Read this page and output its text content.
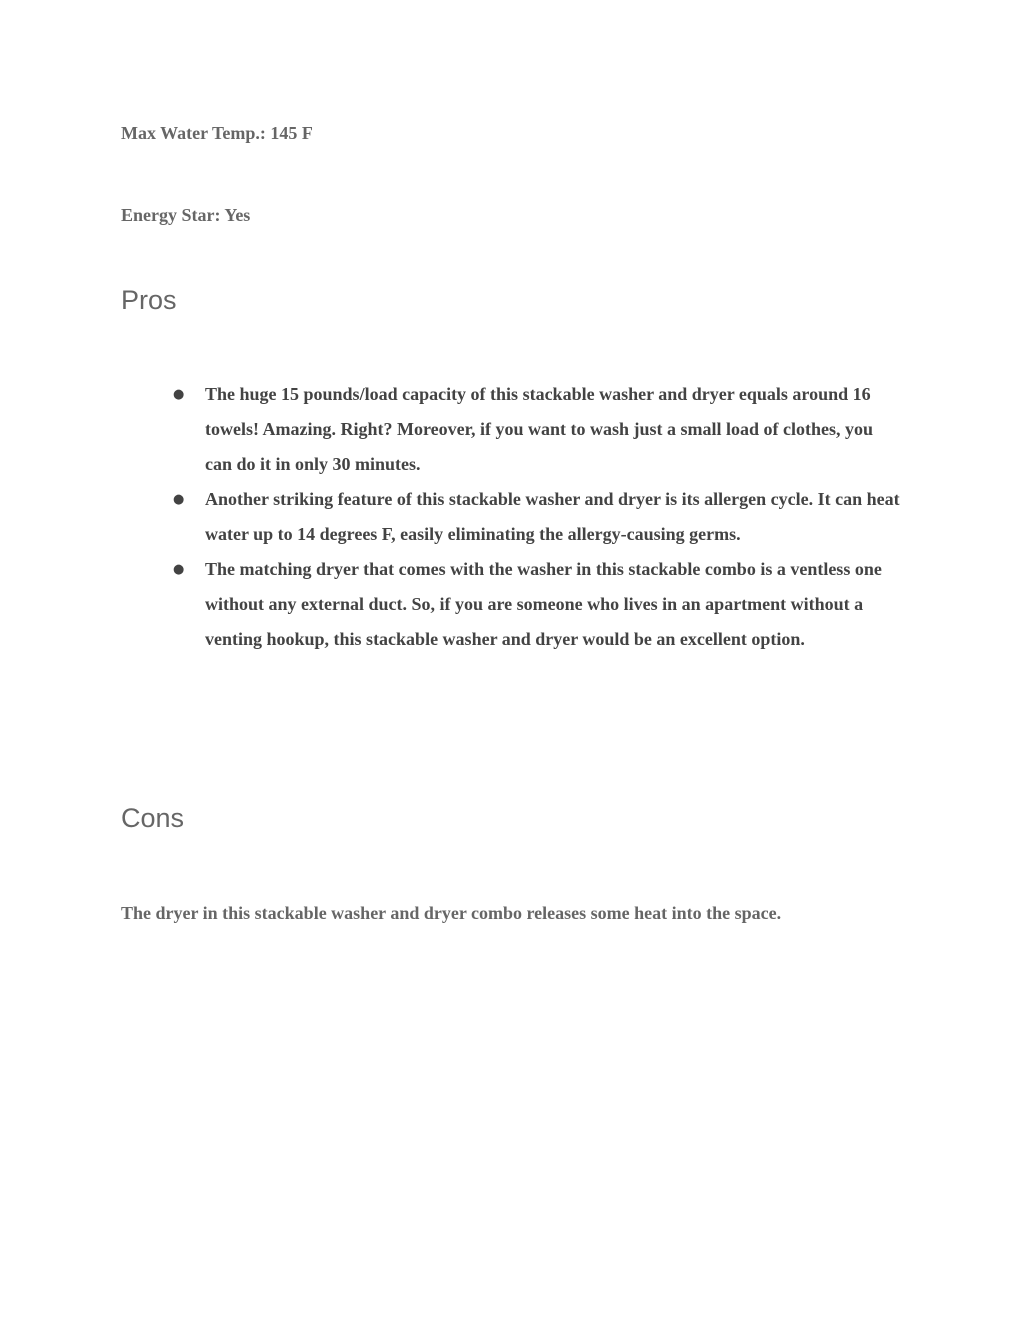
Max Water Temp.: 145 F

Energy Star: Yes

Pros
● The huge 15 pounds/load capacity of this stackable washer and dryer equals around 16 towels! Amazing. Right? Moreover, if you want to wash just a small load of clothes, you can do it in only 30 minutes.
● Another striking feature of this stackable washer and dryer is its allergen cycle. It can heat water up to 14 degrees F, easily eliminating the allergy-causing germs.
● The matching dryer that comes with the washer in this stackable combo is a ventless one without any external duct. So, if you are someone who lives in an apartment without a venting hookup, this stackable washer and dryer would be an excellent option.
Cons

The dryer in this stackable washer and dryer combo releases some heat into the space.
